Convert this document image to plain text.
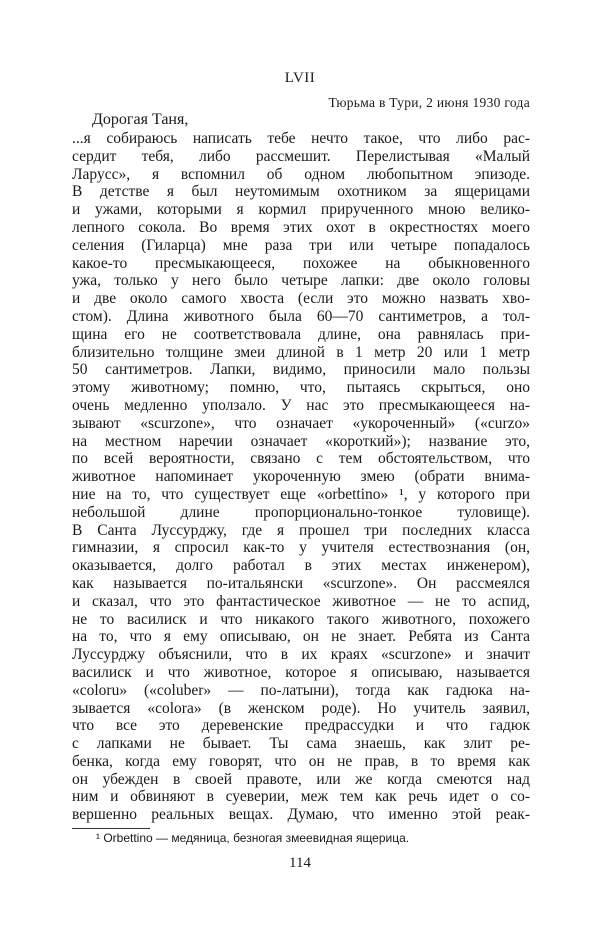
LVII
Тюрьма в Тури, 2 июня 1930 года
Дорогая Таня,
...я собираюсь написать тебе нечто такое, что либо рас-
сердит тебя, либо рассмешит. Перелистывая «Малый
Ларусс», я вспомнил об одном любопытном эпизоде.
В детстве я был неутомимым охотником за ящерицами
и ужами, которыми я кормил прирученного мною велико-
лепного сокола. Во время этих охот в окрестностях моего
селения (Гиларца) мне раза три или четыре попадалось
какое-то пресмыкающееся, похожее на обыкновенного
ужа, только у него было четыре лапки: две около головы
и две около самого хвоста (если это можно назвать хво-
стом). Длина животного была 60—70 сантиметров, а тол-
щина его не соответствовала длине, она равнялась при-
близительно толщине змеи длиной в 1 метр 20 или 1 метр
50 сантиметров. Лапки, видимо, приносили мало пользы
этому животному; помню, что, пытаясь скрыться, оно
очень медленно уползало. У нас это пресмыкающееся на-
зывают «scurzone», что означает «укороченный» («curzo»
на местном наречии означает «короткий»); название это,
по всей вероятности, связано с тем обстоятельством, что
животное напоминает укороченную змею (обрати внима-
ние на то, что существует еще «orbettino» ¹, у которого при
небольшой длине пропорционально-тонкое туловище).
В Санта Луссурджу, где я прошел три последних класса
гимназии, я спросил как-то у учителя естествознания (он,
оказывается, долго работал в этих местах инженером),
как называется по-итальянски «scurzone». Он рассмеялся
и сказал, что это фантастическое животное — не то аспид,
не то василиск и что никакого такого животного, похожего
на то, что я ему описываю, он не знает. Ребята из Санта
Луссурджу объяснили, что в их краях «scurzone» и значит
василиск и что животное, которое я описываю, называется
«coloru» («coluber» — по-латыни), тогда как гадюка на-
зывается «colora» (в женском роде). Но учитель заявил,
что все это деревенские предрассудки и что гадюк
с лапками не бывает. Ты сама знаешь, как злит ре-
бенка, когда ему говорят, что он не прав, в то время как
он убежден в своей правоте, или же когда смеются над
ним и обвиняют в суеверии, меж тем как речь идет о со-
вершенно реальных вещах. Думаю, что именно этой реак-
¹ Orbettino — медяница, безногая змеевидная ящерица.
114
